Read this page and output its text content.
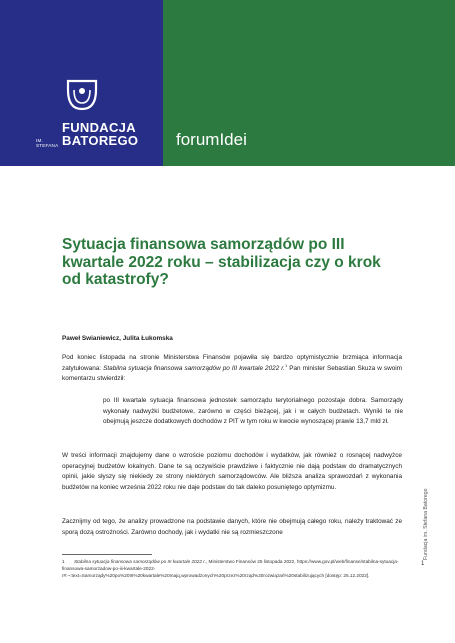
IM.
STEFANA
FUNDACJA
BATOREGO forumIdei
Sytuacja finansowa samorządów po III kwartale 2022 roku – stabilizacja czy o krok od katastrofy?
Paweł Swianiewicz, Julita Łukomska

Pod koniec listopada na stronie Ministerstwa Finansów pojawiła się bardzo optymistycznie brzmiąca informacja zatytułowana: Stabilna sytuacja finansowa samorządów po III kwartale 2022 r.$^1$ Pan minister Sebastian Skuza w swoim komentarzu stwierdził:

po III kwartale sytuacja finansowa jednostek samorządu terytorialnego pozostaje dobra. Samorządy wykonały nadwyżki budżetowe, zarówno w części bieżącej, jak i w całych budżetach. Wyniki te nie obejmują jeszcze dodatkowych dochodów z PIT w tym roku w kwocie wynoszącej prawie 13,7 mld zł.

W treści informacji znajdujemy dane o wzroście poziomu dochodów i wydatków, jak również o rosnącej nadwyżce operacyjnej budżetów lokalnych. Dane te są oczywiście prawdziwe i faktycznie nie dają podstaw do dramatycznych opinii, jakie słyszy się niekiedy ze strony niektórych samorządowców. Ale bliższa analiza sprawozdań z wykonania budżetów na koniec września 2022 roku nie daje podstaw do tak daleko posuniętego optymizmu.

Zacznijmy od tego, że analizy prowadzone na podstawie danych, które nie obejmują całego roku, należy traktować ze sporą dozą ostrożności. Zarówno dochody, jak i wydatki nie są rozmieszczone

1 Stabilna sytuacja finansowa samorządów po III kwartale 2022 r., Ministerstwo Finansów 25 listopada 2022, https://www.gov.pl/web/finanse/stabilna-sytuacja-finansowa-samorzadow-po-iii-kwartale-2022-r#:~:text=Samorządy%20po%20III%20kwartale%20majq,wprowadzonych%20przez%20rząd%20rozwiązań%20stabilizujących [dostęp: 25.12.2022].

Fundacja im. Stefana Batorego
1
